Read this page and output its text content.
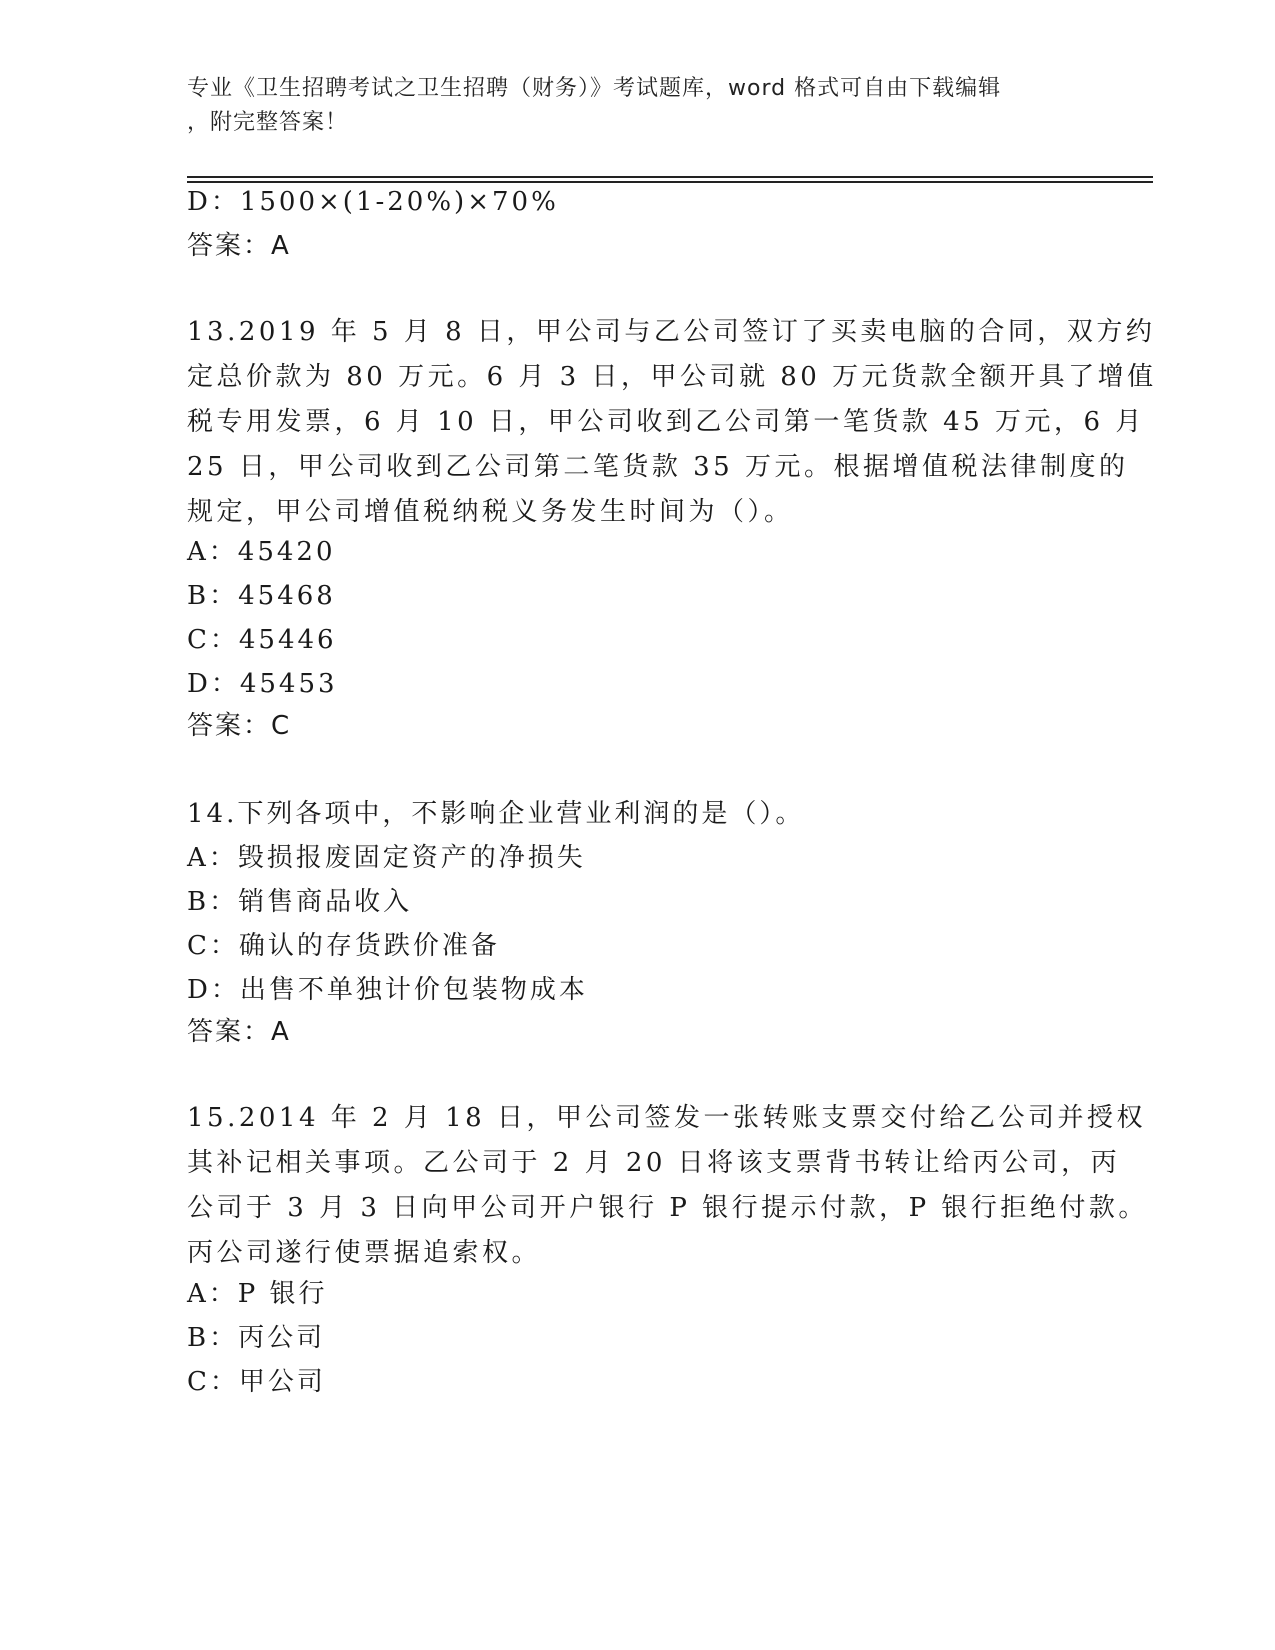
专业《卫生招聘考试之卫生招聘（财务）》考试题库，word 格式可自由下载编辑
，附完整答案！
D：1500×(1-20%)×70%
答案：A
13.2019 年 5 月 8 日，甲公司与乙公司签订了买卖电脑的合同，双方约
定总价款为 80 万元。6 月 3 日，甲公司就 80 万元货款全额开具了增值
税专用发票，6 月 10 日，甲公司收到乙公司第一笔货款 45 万元，6 月
25 日，甲公司收到乙公司第二笔货款 35 万元。根据增值税法律制度的
规定，甲公司增值税纳税义务发生时间为（）。
A：45420
B：45468
C：45446
D：45453
答案：C
14.下列各项中，不影响企业营业利润的是（）。
A：毁损报废固定资产的净损失
B：销售商品收入
C：确认的存货跌价准备
D：出售不单独计价包装物成本
答案：A
15.2014 年 2 月 18 日，甲公司签发一张转账支票交付给乙公司并授权
其补记相关事项。乙公司于 2 月 20 日将该支票背书转让给丙公司，丙
公司于 3 月 3 日向甲公司开户银行 P 银行提示付款，P 银行拒绝付款。
丙公司遂行使票据追索权。
A：P 银行
B：丙公司
C：甲公司
